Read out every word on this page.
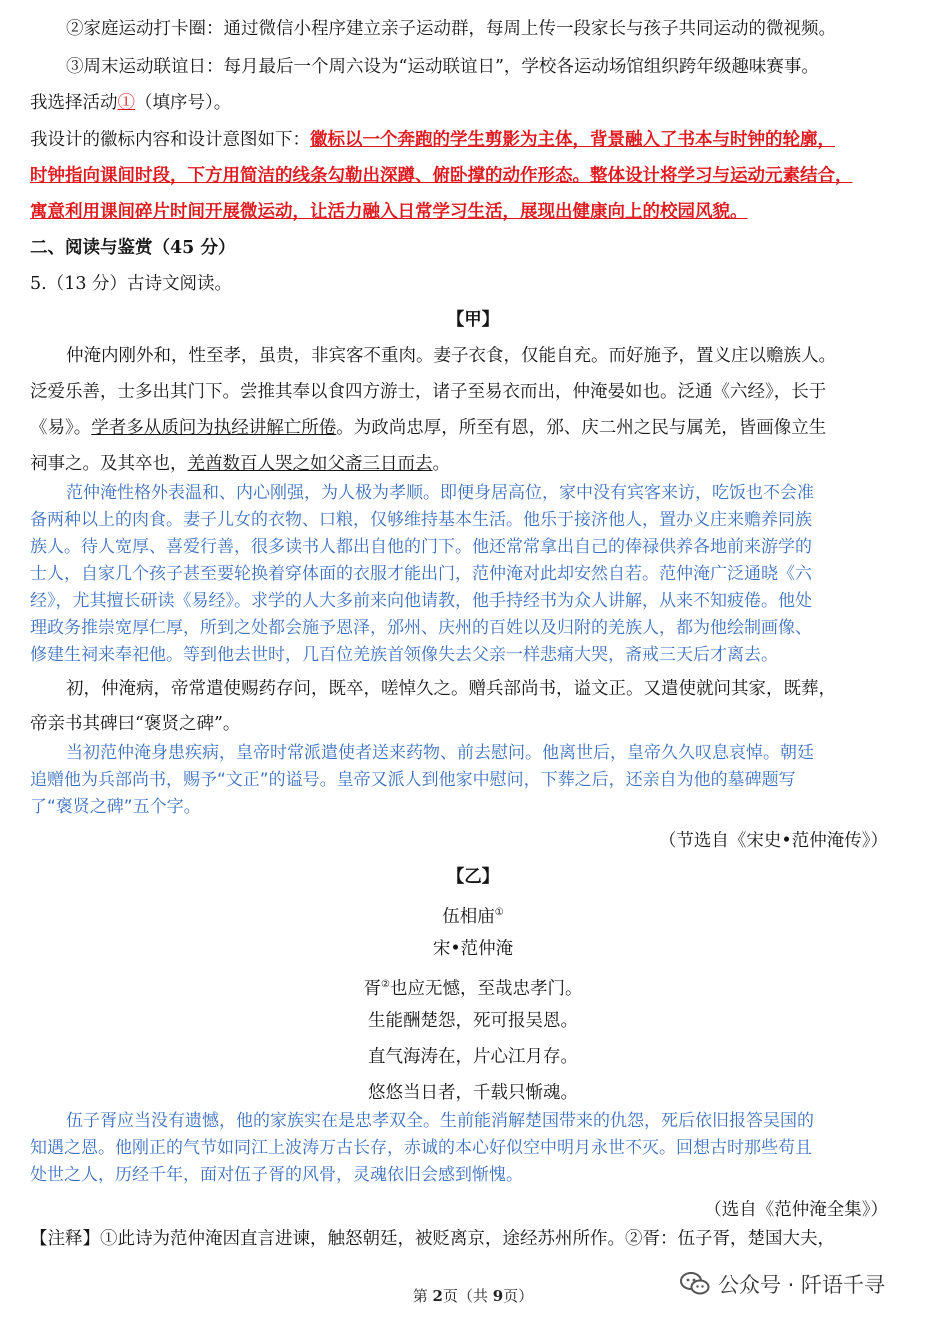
②家庭运动打卡圈：通过微信小程序建立亲子运动群，每周上传一段家长与孩子共同运动的微视频。
③周末运动联谊日：每月最后一个周六设为“运动联谊日”，学校各运动场馆组织跨年级趣味赛事。
我选择活动①（填序号）。
我设计的徽标内容和设计意图如下：徽标以一个奔跑的学生剪影为主体，背景融入了书本与时钟的轮廓，
时钟指向课间时段，下方用简洁的线条勾勒出深蹲、俯卧撑的动作形态。整体设计将学习与运动元素结合，
寓意利用课间碎片时间开展微运动，让活力融入日常学习生活，展现出健康向上的校园风貌。
二、阅读与鉴赏（45 分）
5.（13 分）古诗文阅读。
【甲】
仲淹内刚外和，性至孝，虽贵，非宾客不重肉。妻子衣食，仅能自充。而好施予，置义庄以赡族人。
泛爱乐善，士多出其门下。尝推其奉以食四方游士，诸子至易衣而出，仲淹晏如也。泛通《六经》，长于
《易》。学者多从质问为执经讲解亡所倦。为政尚忠厚，所至有恩，邠、庆二州之民与属羌，皆画像立生
祠事之。及其卒也，羌酋数百人哭之如父斋三日而去。
范仲淹性格外表温和、内心刚强，为人极为孝顺。即便身居高位，家中没有宾客来访，吃饭也不会准
备两种以上的肉食。妻子儿女的衣物、口粮，仅够维持基本生活。他乐于接济他人，置办义庄来赡养同族
族人。待人宽厚、喜爱行善，很多读书人都出自他的门下。他还常常拿出自己的俸禄供养各地前来游学的
士人，自家几个孩子甚至要轮换着穿体面的衣服才能出门，范仲淹对此却安然自若。范仲淹广泛通晓《六
经》，尤其擅长研读《易经》。求学的人大多前来向他请教，他手持经书为众人讲解，从来不知疲倦。他处
理政务推崇宽厚仁厚，所到之处都会施予恩泽，邠州、庆州的百姓以及归附的羌族人，都为他绘制画像、
修建生祠来奉祀他。等到他去世时，几百位羌族首领像失去父亲一样悲痛大哭，斋戒三天后才离去。
初，仲淹病，帝常遣使赐药存问，既卒，嗟悼久之。赠兵部尚书，谥文正。又遣使就问其家，既葬，
帝亲书其碑曰“褒贤之碑”。
当初范仲淹身患疾病，皇帝时常派遣使者送来药物、前去慰问。他离世后，皇帝久久叹息哀悼。朝廷
追赠他为兵部尚书，赐予“文正”的谥号。皇帝又派人到他家中慰问，下葬之后，还亲自为他的墓碑题写
了“褒贤之碑”五个字。
（节选自《宋史•范仲淹传》）
【乙】
伍相庙①
宋•范仲淹
胥②也应无憾，至哉忠孝门。
生能酬楚怨，死可报吴恩。
直气海涛在，片心江月存。
悠悠当日者，千载只惭魂。
伍子胥应当没有遗憾，他的家族实在是忠孝双全。生前能消解楚国带来的仇怨，死后依旧报答吴国的
知遇之恩。他刚正的气节如同江上波涛万古长存，赤诚的本心好似空中明月永世不灭。回想古时那些苟且
处世之人，历经千年，面对伍子胥的风骨，灵魂依旧会感到惭愧。
（选自《范仲淹全集》）
【注释】①此诗为范仲淹因直言进谏，触怒朝廷，被贬离京，途经苏州所作。②胥：伍子胥，楚国大夫，
第 2页（共 9页）	公众号 · 阡语千寻
